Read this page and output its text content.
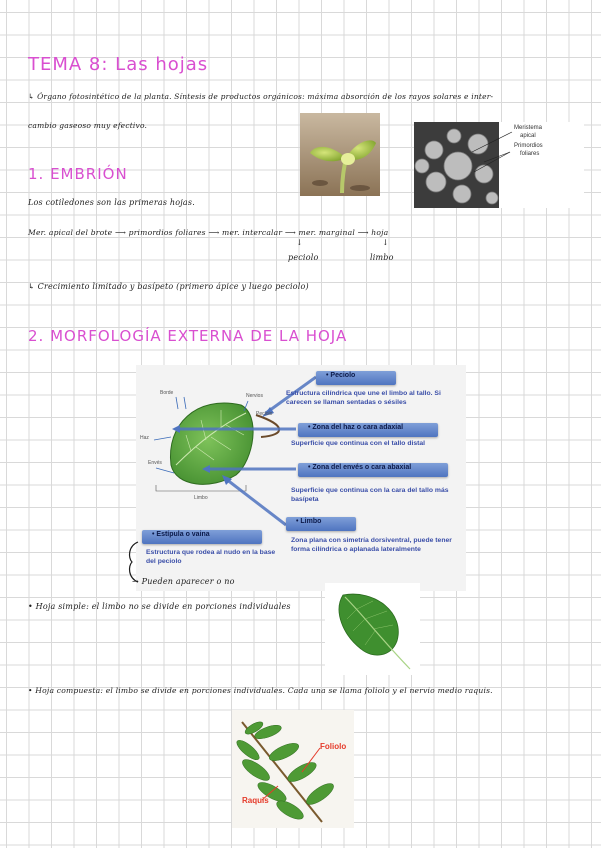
TEMA 8: Las hojas
↳ Órgano fotosintético de la planta. Síntesis de productos orgánicos: máxima absorción de los rayos solares e inter-
cambio gaseoso muy efectivo.	Meristema
apical
Primordios
foliares
1. EMBRIÓN
Los cotiledones son las primeras hojas.
Mer. apical del brote ⟶ primordios foliares ⟶ mer. intercalar ⟶ mer. marginal ⟶ hoja
↓	↓
peciolo	limbo
↳ Crecimiento limitado y basípeto (primero ápice y luego peciolo)
2. MORFOLOGÍA EXTERNA DE LA HOJA
Borde	Nervios
Peciolo
Haz
Envés
Limbo
• Peciolo
Estructura cilíndrica que une el limbo al tallo. Si carecen se llaman sentadas o sésiles
• Zona del haz o cara adaxial
Superficie que continua con el tallo distal
• Zona del envés o cara abaxial
Superficie que continua con la cara del tallo más basípeta
• Limbo
Zona plana con simetría dorsiventral, puede tener forma cilíndrica o aplanada lateralmente
• Estípula o vaina
Estructura que rodea al nudo en la base del peciolo
→ Pueden aparecer o no
• Hoja simple: el limbo no se divide en porciones individuales
• Hoja compuesta: el limbo se divide en porciones individuales. Cada una se llama foliolo y el nervio medio raquis.
Foliolo
Raquis
